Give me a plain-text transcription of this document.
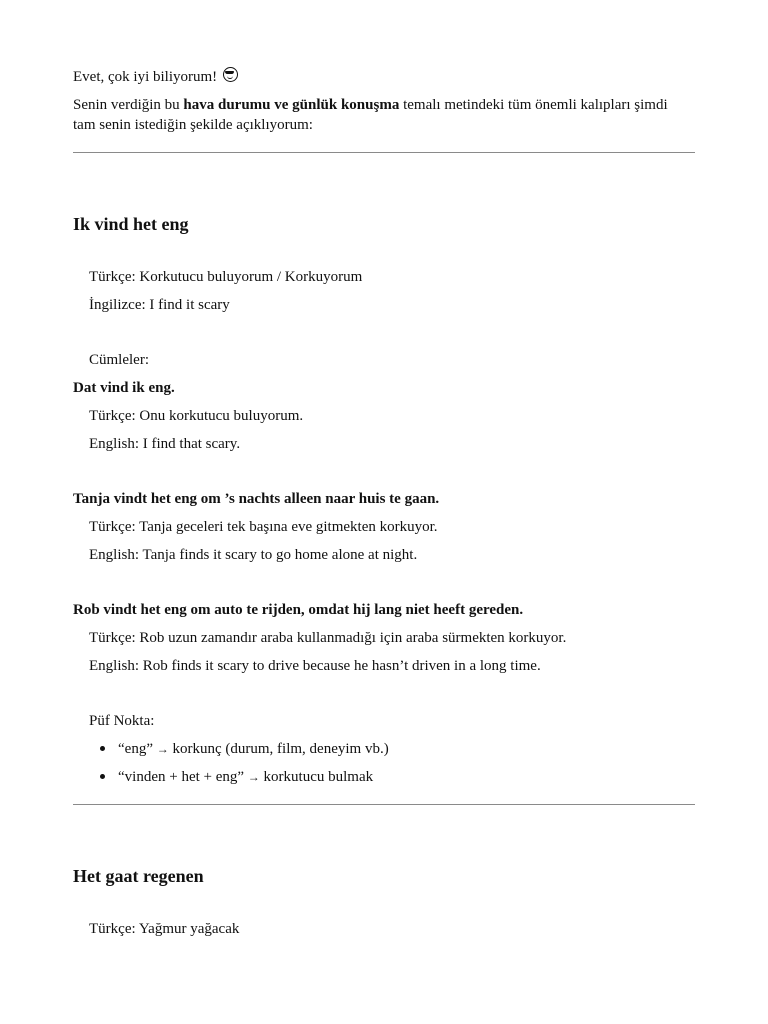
Evet, çok iyi biliyorum!
Senin verdiğin bu hava durumu ve günlük konuşma temalı metindeki tüm önemli kalıpları şimdi
tam senin istediğin şekilde açıklıyorum:
Ik vind het eng
Türkçe: Korkutucu buluyorum / Korkuyorum
İngilizce: I find it scary
Cümleler:
Dat vind ik eng.
Türkçe: Onu korkutucu buluyorum.
English: I find that scary.
Tanja vindt het eng om ’s nachts alleen naar huis te gaan.
Türkçe: Tanja geceleri tek başına eve gitmekten korkuyor.
English: Tanja finds it scary to go home alone at night.
Rob vindt het eng om auto te rijden, omdat hij lang niet heeft gereden.
Türkçe: Rob uzun zamandır araba kullanmadığı için araba sürmekten korkuyor.
English: Rob finds it scary to drive because he hasn’t driven in a long time.
Püf Nokta:
“eng” → korkunç (durum, film, deneyim vb.)
“vinden + het + eng” → korkutucu bulmak
Het gaat regenen
Türkçe: Yağmur yağacak
